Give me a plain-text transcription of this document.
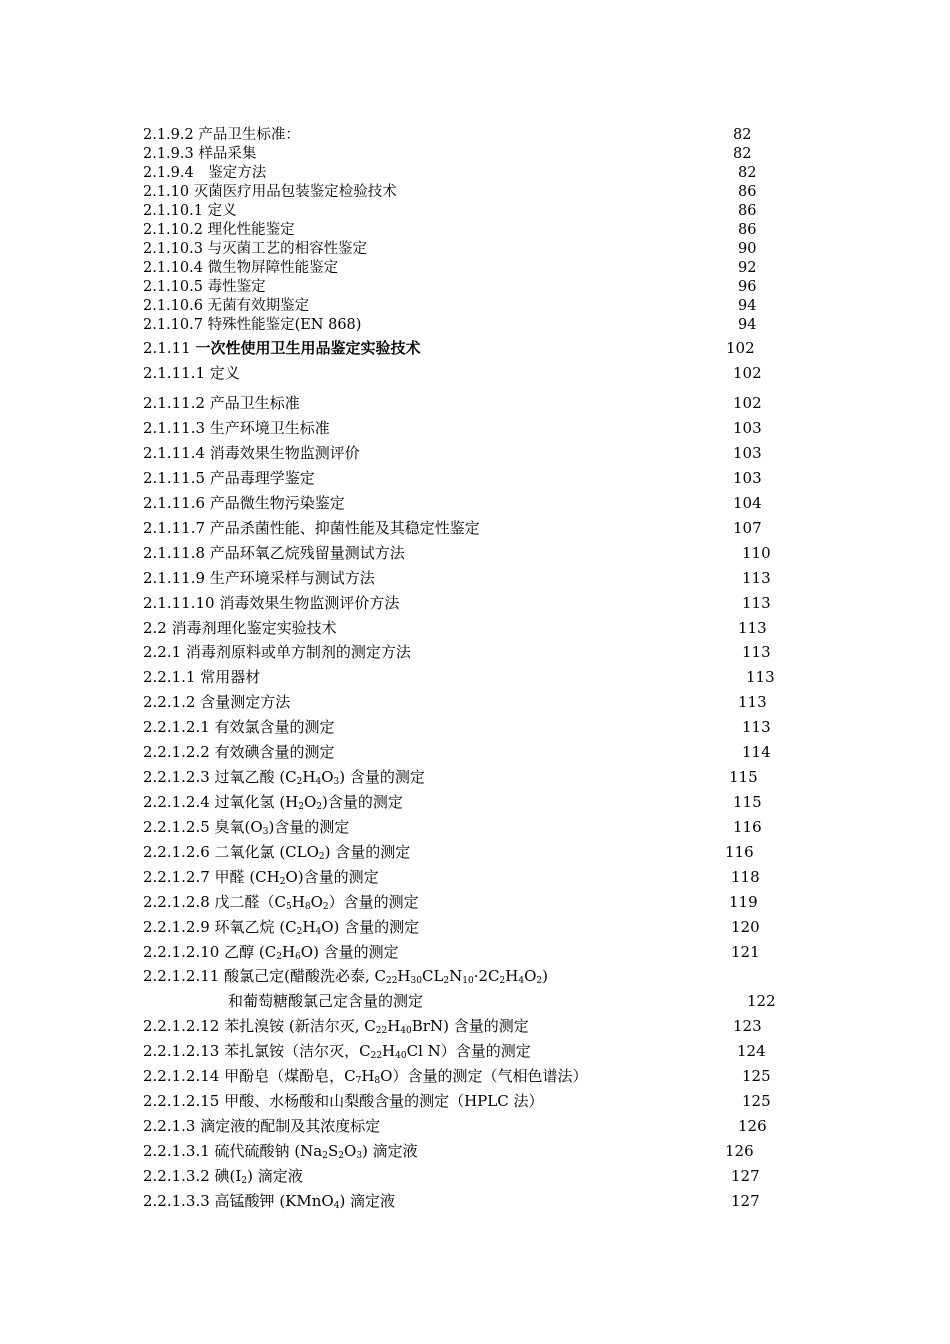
2.1.9.2 产品卫生标准：	82
2.1.9.3 样品采集	82
2.1.9.4　鉴定方法	82
2.1.10 灭菌医疗用品包装鉴定检验技术	86
2.1.10.1 定义	86
2.1.10.2 理化性能鉴定	86
2.1.10.3 与灭菌工艺的相容性鉴定	90
2.1.10.4 微生物屏障性能鉴定	92
2.1.10.5 毒性鉴定	96
2.1.10.6 无菌有效期鉴定	94
2.1.10.7 特殊性能鉴定(EN 868)	94
2.1.11 一次性使用卫生用品鉴定实验技术	102
2.1.11.1 定义	102
2.1.11.2 产品卫生标准	102
2.1.11.3 生产环境卫生标准	103
2.1.11.4 消毒效果生物监测评价	103
2.1.11.5 产品毒理学鉴定	103
2.1.11.6 产品微生物污染鉴定	104
2.1.11.7 产品杀菌性能、抑菌性能及其稳定性鉴定	107
2.1.11.8 产品环氧乙烷残留量测试方法	110
2.1.11.9 生产环境采样与测试方法	113
2.1.11.10 消毒效果生物监测评价方法	113
2.2 消毒剂理化鉴定实验技术	113
2.2.1 消毒剂原料或单方制剂的测定方法	113
2.2.1.1 常用器材	113
2.2.1.2 含量测定方法	113
2.2.1.2.1 有效氯含量的测定	113
2.2.1.2.2 有效碘含量的测定	114
2.2.1.2.3 过氧乙酸 $(C_2H_4O_3)$ 含量的测定	115
2.2.1.2.4 过氧化氢 $(H_2O_2)$含量的测定	115
2.2.1.2.5 臭氧$(O_3)$含量的测定	116
2.2.1.2.6 二氧化氯 $(CLO_2)$ 含量的测定	116
2.2.1.2.7 甲醛 $(CH_2O)$含量的测定	118
2.2.1.2.8 戊二醛$(C_5H_8O_2)$含量的测定	119
2.2.1.2.9 环氧乙烷 $(C_2H_4O)$ 含量的测定	120
2.2.1.2.10 乙醇 $(C_2H_6O)$ 含量的测定	121
2.2.1.2.11 酸氯己定(醋酸洗必泰, $C_{22}H_{30}CL_2N_{10}\cdot 2C_2H_4O_2$)
和葡萄糖酸氯己定含量的测定	122
2.2.1.2.12 苯扎溴铵 (新洁尔灭, $C_{22}H_{40}BrN$) 含量的测定	123
2.2.1.2.13 苯扎氯铵（洁尔灭，$C_{22}H_{40}Cl$ N）含量的测定	124
2.2.1.2.14 甲酚皂（煤酚皂，$C_7H_8O$）含量的测定（气相色谱法）	125
2.2.1.2.15 甲酸、水杨酸和山梨酸含量的测定（HPLC 法）	125
2.2.1.3 滴定液的配制及其浓度标定	126
2.2.1.3.1 硫代硫酸钠 $(Na_2S_2O_3)$ 滴定液	126
2.2.1.3.2 碘$(I_2)$ 滴定液	127
2.2.1.3.3 高锰酸钾 (KMnO$_4$) 滴定液	127
